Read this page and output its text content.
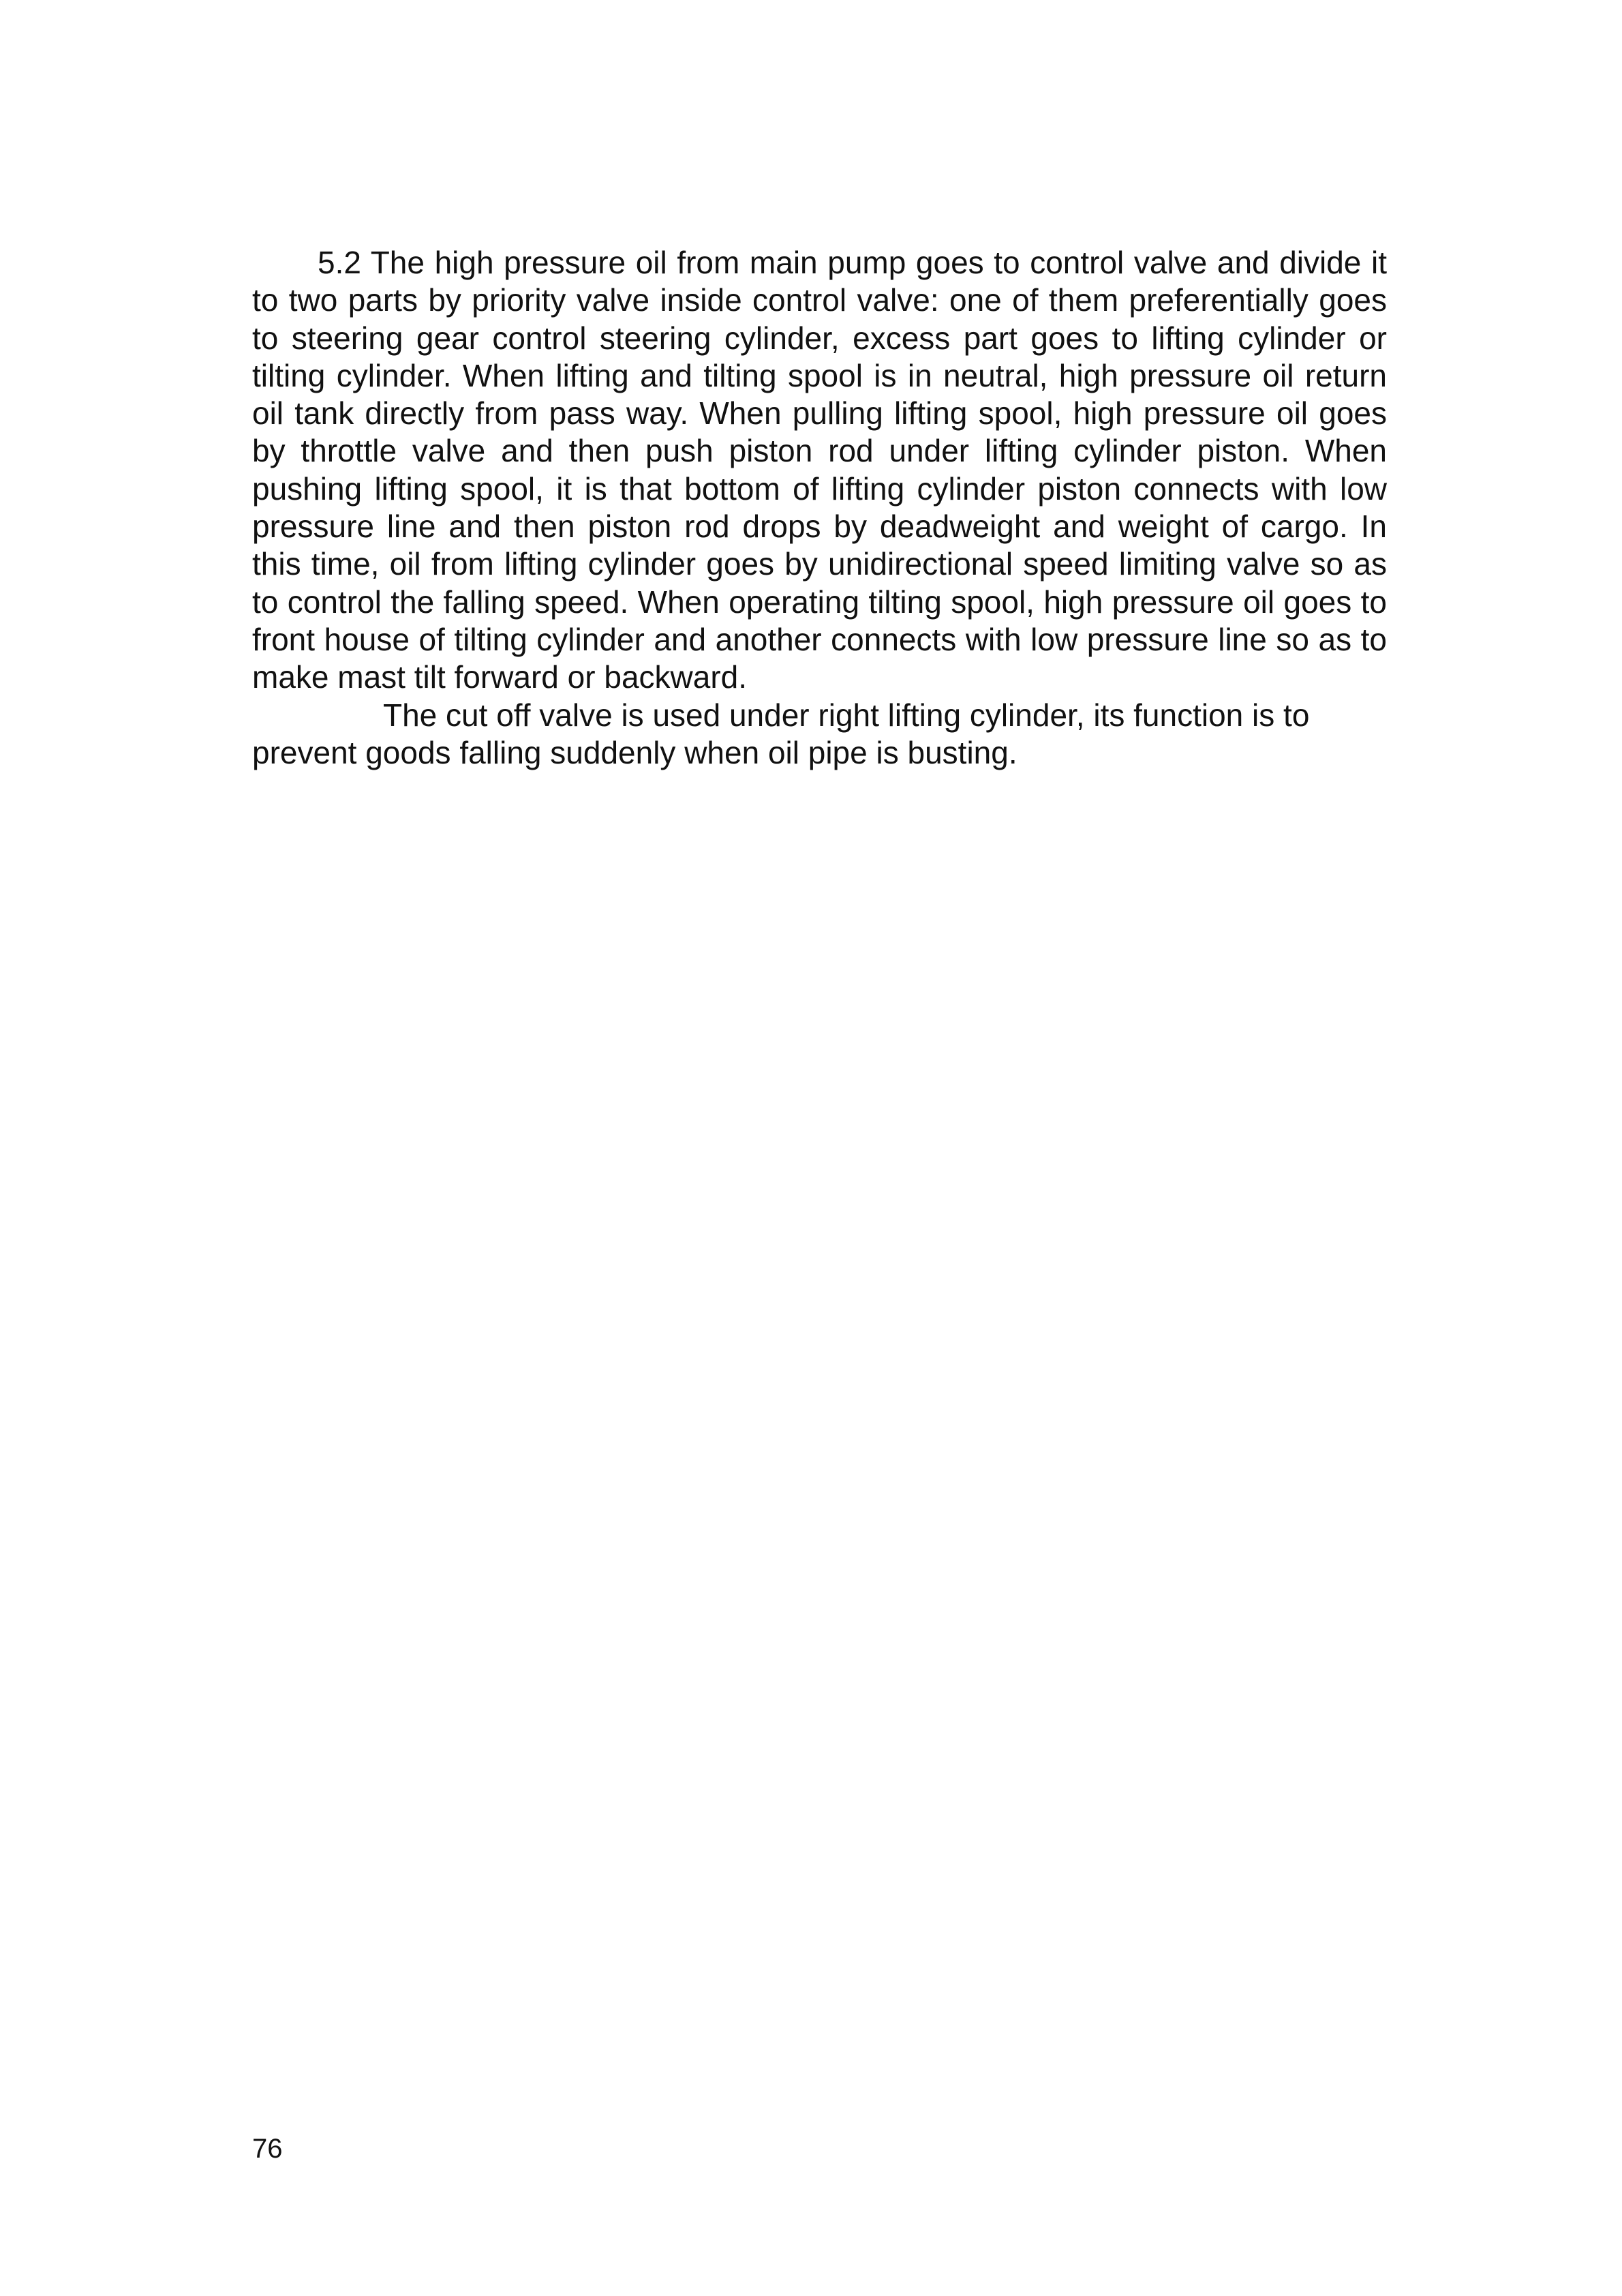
5.2 The high pressure oil from main pump goes to control valve and divide it to two parts by priority valve inside control valve: one of them preferentially goes to steering gear control steering cylinder, excess part goes to lifting cylinder or tilting cylinder. When lifting and tilting spool is in neutral, high pressure oil return oil tank directly from pass way. When pulling lifting spool, high pressure oil goes by throttle valve and then push piston rod under lifting cylinder piston. When pushing lifting spool, it is that bottom of lifting cylinder piston connects with low pressure line and then piston rod drops by deadweight and weight of cargo. In this time, oil from lifting cylinder goes by unidirectional speed limiting valve so as to control the falling speed. When operating tilting spool, high pressure oil goes to front house of tilting cylinder and another connects with low pressure line so as to make mast tilt forward or backward.

The cut off valve is used under right lifting cylinder, its function is to prevent goods falling suddenly when oil pipe is busting.

76
